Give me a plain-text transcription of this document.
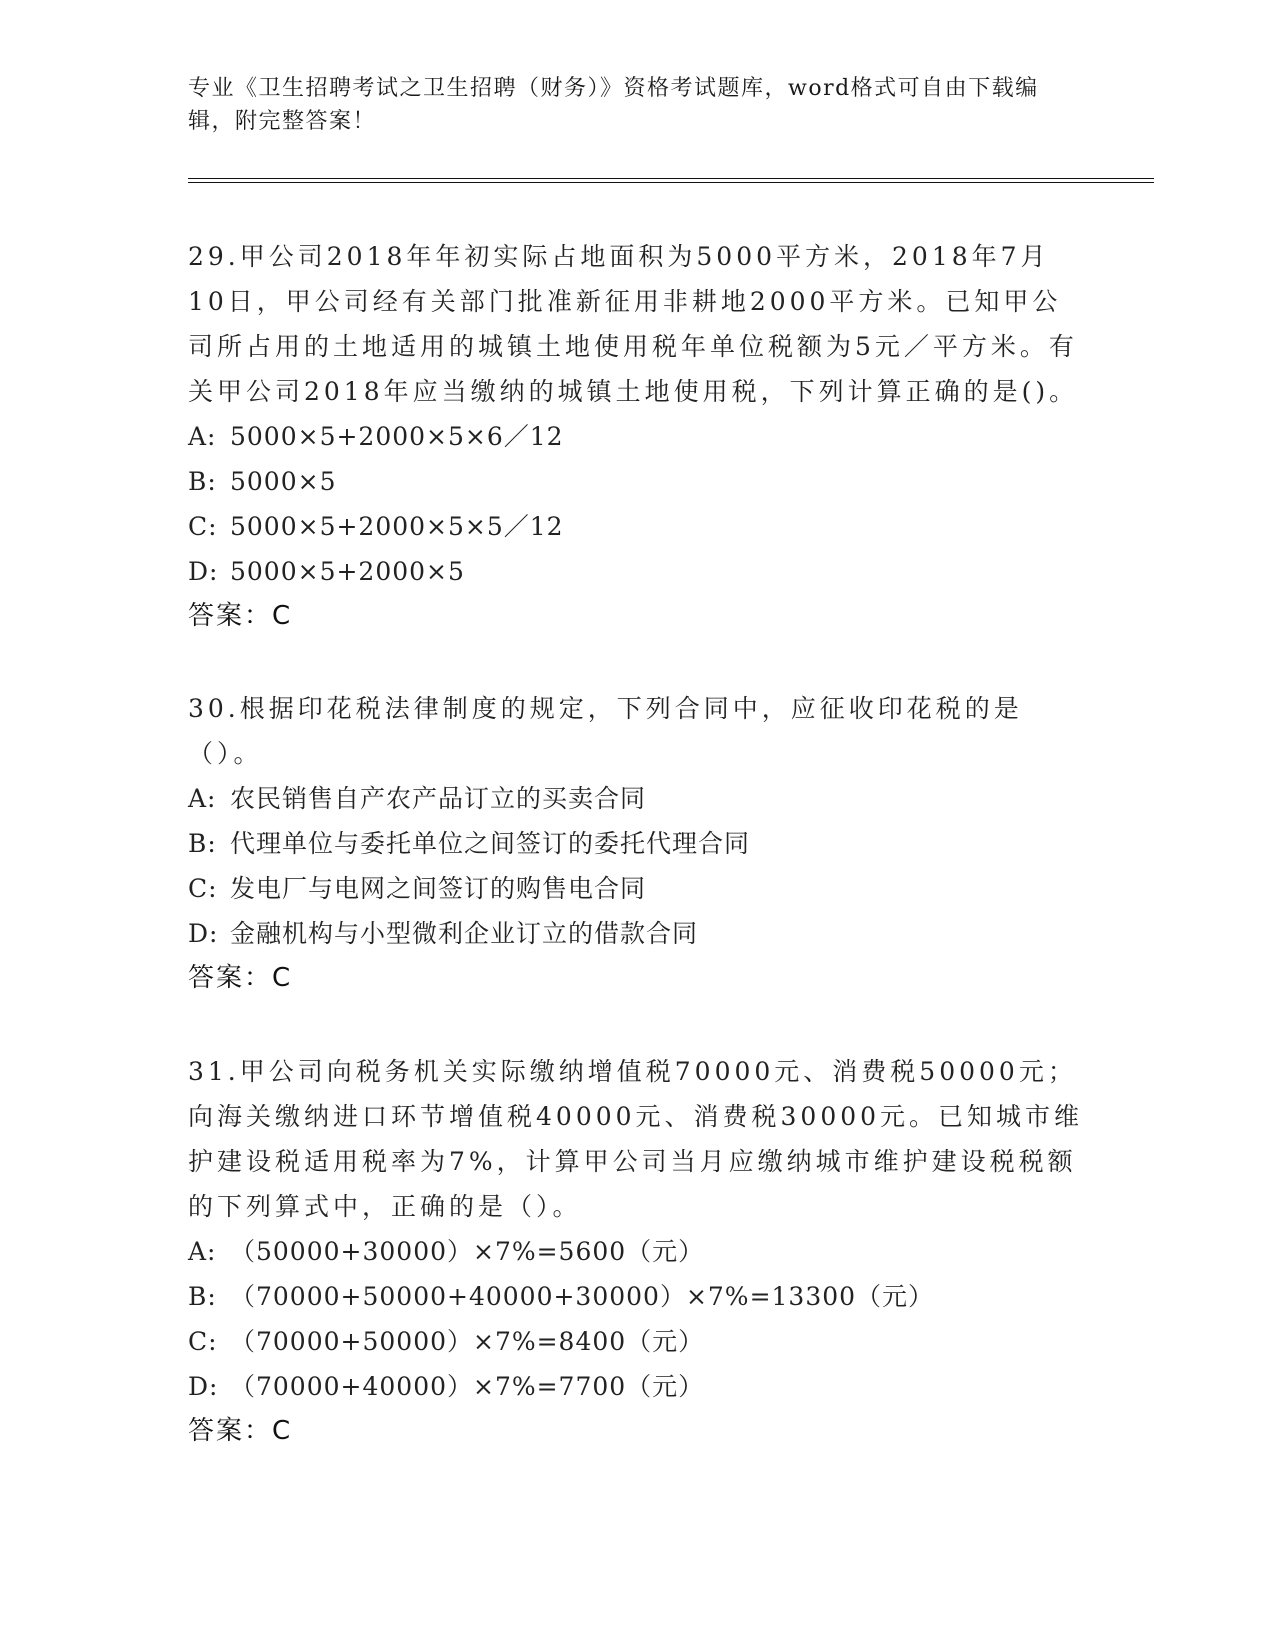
专业《卫生招聘考试之卫生招聘（财务）》资格考试题库，word格式可自由下载编辑，附完整答案！

29.甲公司2018年年初实际占地面积为5000平方米，2018年7月10日，甲公司经有关部门批准新征用非耕地2000平方米。已知甲公司所占用的土地适用的城镇土地使用税年单位税额为5元／平方米。有关甲公司2018年应当缴纳的城镇土地使用税，下列计算正确的是()。

A: 5000×5+2000×5×6／12

B: 5000×5

C: 5000×5+2000×5×5／12

D: 5000×5+2000×5

答案：C

30.根据印花税法律制度的规定，下列合同中，应征收印花税的是（）。

A: 农民销售自产农产品订立的买卖合同

B: 代理单位与委托单位之间签订的委托代理合同

C: 发电厂与电网之间签订的购售电合同

D: 金融机构与小型微利企业订立的借款合同

答案：C

31.甲公司向税务机关实际缴纳增值税70000元、消费税50000元；向海关缴纳进口环节增值税40000元、消费税30000元。已知城市维护建设税适用税率为7%，计算甲公司当月应缴纳城市维护建设税税额的下列算式中，正确的是（）。

A: （50000+30000）×7%=5600（元）

B: （70000+50000+40000+30000）×7%=13300（元）

C: （70000+50000）×7%=8400（元）

D: （70000+40000）×7%=7700（元）

答案：C
